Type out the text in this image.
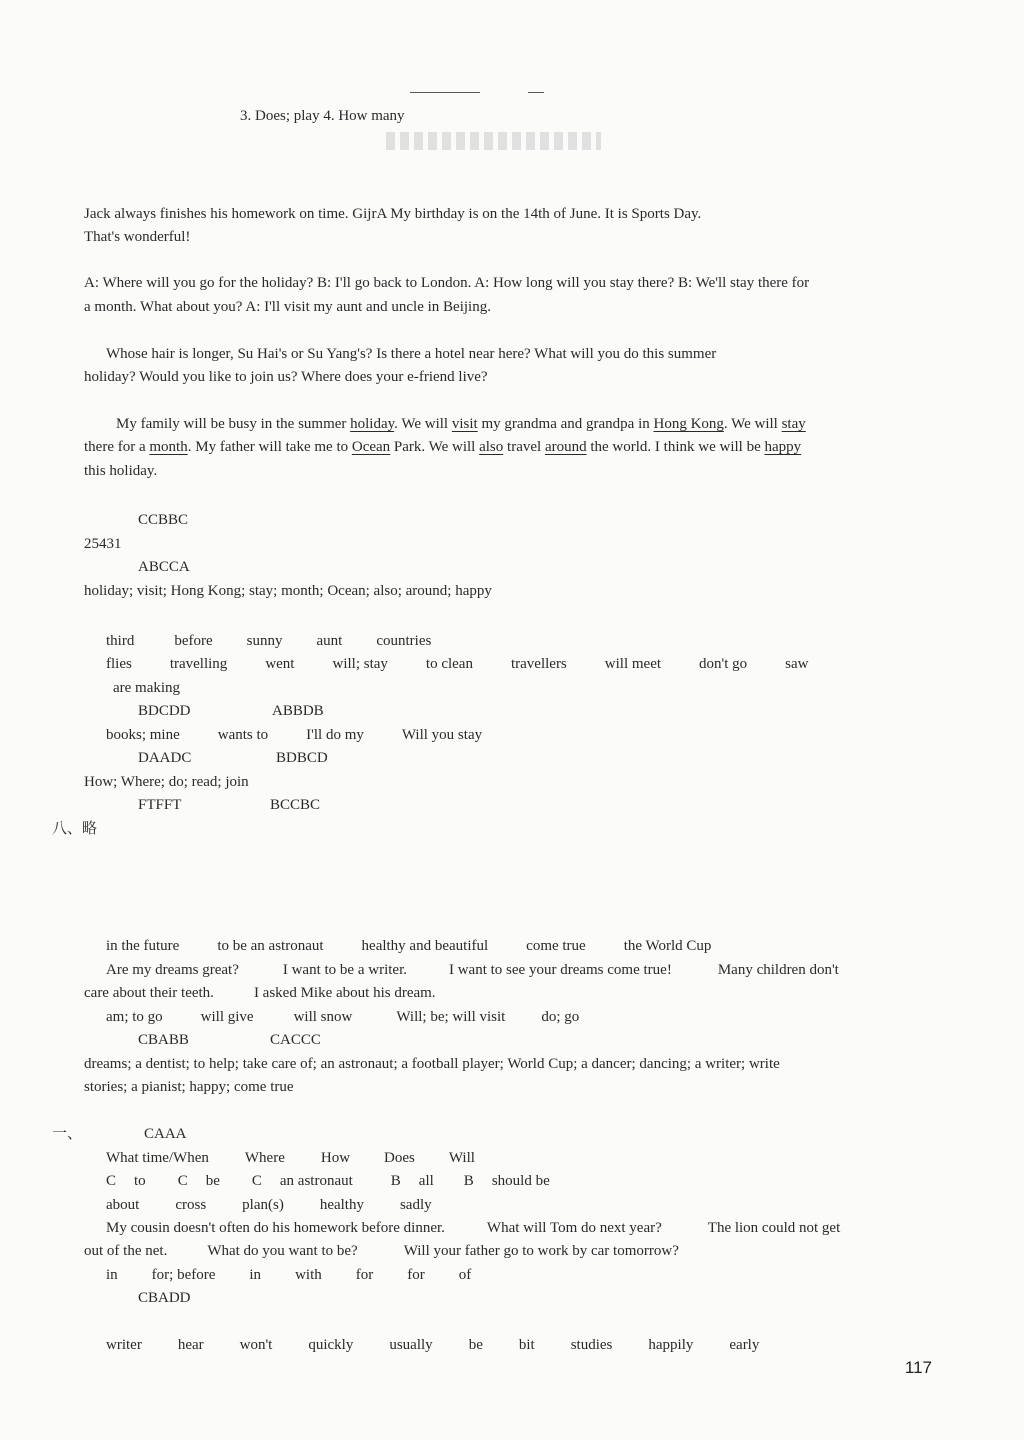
3. Does; play 4. How many
Jack always finishes his homework on time. GijrA My birthday is on the 14th of June. It is Sports Day.
That's wonderful!
A: Where will you go for the holiday? B: I'll go back to London. A: How long will you stay there? B: We'll stay there for
a month. What about you? A: I'll visit my aunt and uncle in Beijing.
Whose hair is longer, Su Hai's or Su Yang's? Is there a hotel near here? What will you do this summer
holiday? Would you like to join us? Where does your e-friend live?
My family will be busy in the summer holiday. We will visit my grandma and grandpa in Hong Kong. We will stay
there for a month. My father will take me to Ocean Park. We will also travel around the world. I think we will be happy
this holiday.
CCBBC
25431
ABCCA
holiday; visit; Hong Kong; stay; month; Ocean; also; around; happy
third	before sunny aunt countries
flies	travelling	went	will; stay	to clean	travellers	will meet	don't go	saw
are making
BDCDD	ABBDB
books; mine	wants to	I'll do my	Will you stay
DAADC	BDBCD
How; Where; do; read; join
FTFFT	BCCBC
八、略
in the future	to be an astronaut	healthy and beautiful	come true	the World Cup
Are my dreams great?	I want to be a writer.	I want to see your dreams come true!	Many children don't
care about their teeth.	I asked Mike about his dream.
am; to go	will give	will snow	Will; be; will visit do; go
CBABB	CACCC
dreams; a dentist; to help; take care of; an astronaut; a football player; World Cup; a dancer; dancing; a writer; write
stories; a pianist; happy; come true
一、	CAAA
What time/When Where How Does Will
C to C be C an astronaut	B all B should be
about cross plan(s) healthy sadly
My cousin doesn't often do his homework before dinner.	What will Tom do next year?	The lion could not get
out of the net.	What do you want to be?	Will your father go to work by car tomorrow?
in for; before in with for for of
CBADD
writer hear won't quickly usually be bit studies happily early
117
